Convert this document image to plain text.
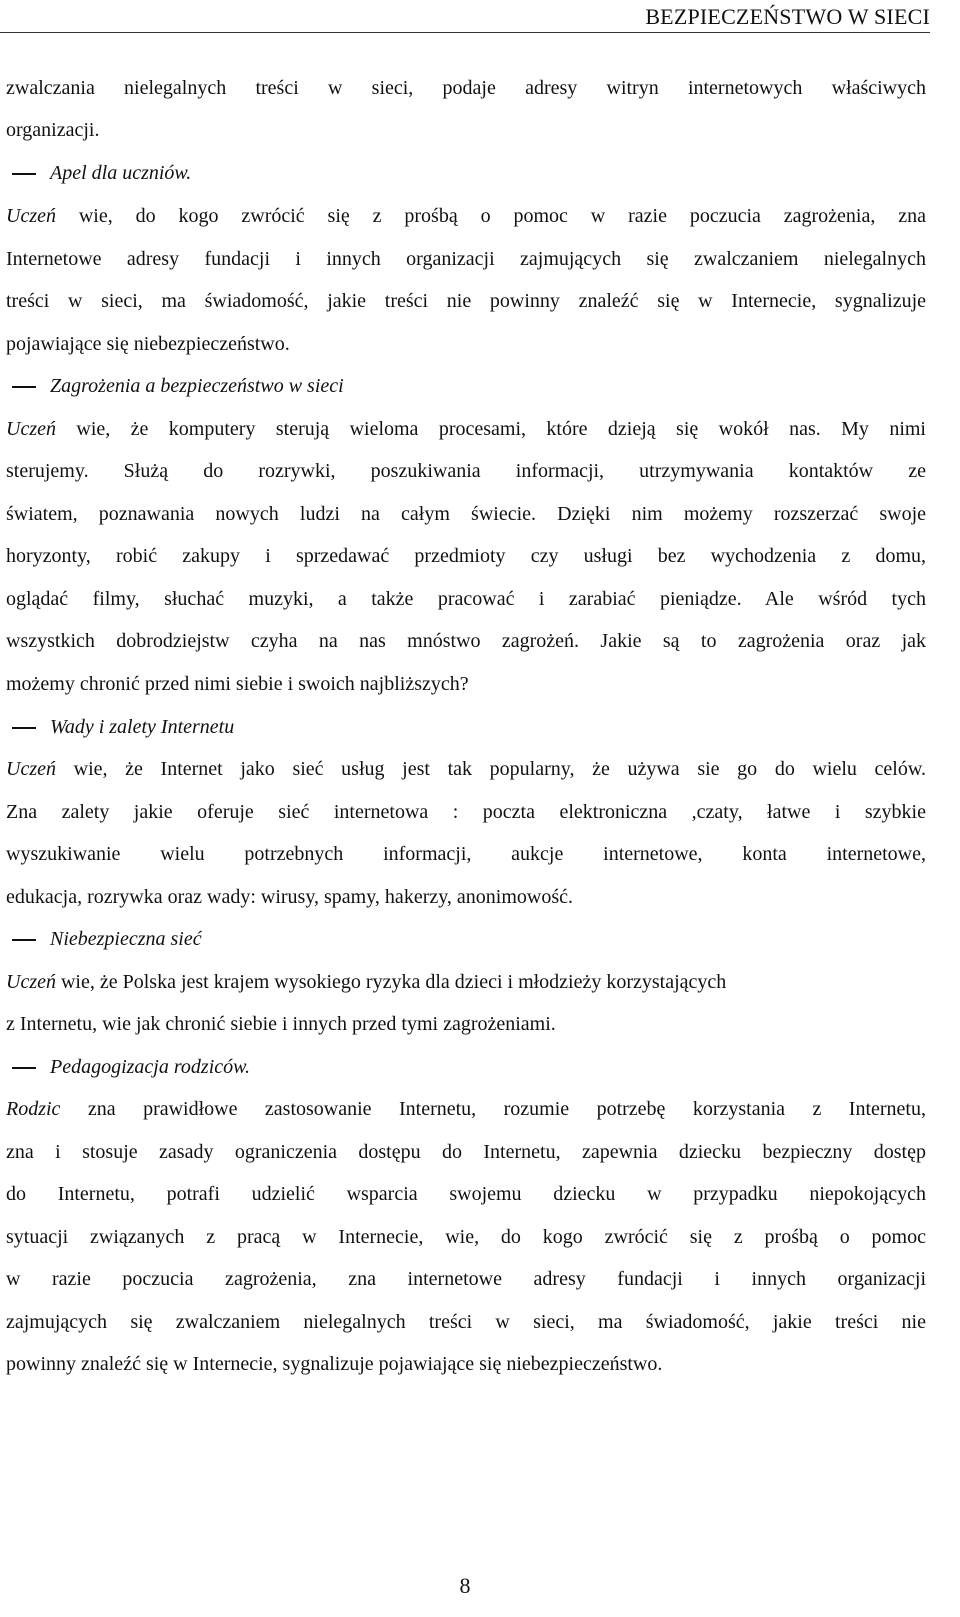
BEZPIECZEŃSTWO W SIECI
zwalczania nielegalnych treści w sieci, podaje adresy witryn internetowych właściwych
organizacji.
Apel dla uczniów.
Uczeń wie, do kogo zwrócić się z prośbą o pomoc w razie poczucia zagrożenia, zna
Internetowe adresy fundacji i innych organizacji zajmujących się zwalczaniem nielegalnych
treści w sieci, ma świadomość, jakie treści nie powinny znaleźć się w Internecie, sygnalizuje
pojawiające się niebezpieczeństwo.
Zagrożenia a bezpieczeństwo w sieci
Uczeń wie, że komputery sterują wieloma procesami, które dzieją się wokół nas. My nimi
sterujemy. Służą do rozrywki, poszukiwania informacji, utrzymywania kontaktów ze
światem, poznawania nowych ludzi na całym świecie. Dzięki nim możemy rozszerzać swoje
horyzonty, robić zakupy i sprzedawać przedmioty czy usługi bez wychodzenia z domu,
oglądać filmy, słuchać muzyki, a także pracować i zarabiać pieniądze. Ale wśród tych
wszystkich dobrodziejstw czyha na nas mnóstwo zagrożeń. Jakie są to zagrożenia oraz jak
możemy chronić przed nimi siebie i swoich najbliższych?
Wady i zalety Internetu
Uczeń wie, że Internet jako sieć usług jest tak popularny, że używa sie go do wielu celów.
Zna zalety jakie oferuje sieć internetowa : poczta elektroniczna ,czaty, łatwe i szybkie
wyszukiwanie wielu potrzebnych informacji, aukcje internetowe, konta internetowe,
edukacja, rozrywka oraz wady: wirusy, spamy, hakerzy, anonimowość.
Niebezpieczna sieć
Uczeń wie, że Polska jest krajem wysokiego ryzyka dla dzieci i młodzieży korzystających
z Internetu, wie jak chronić siebie i innych przed tymi zagrożeniami.
Pedagogizacja rodziców.
Rodzic zna prawidłowe zastosowanie Internetu, rozumie potrzebę korzystania z Internetu,
zna i stosuje zasady ograniczenia dostępu do Internetu, zapewnia dziecku bezpieczny dostęp
do Internetu, potrafi udzielić wsparcia swojemu dziecku w przypadku niepokojących
sytuacji związanych z pracą w Internecie, wie, do kogo zwrócić się z prośbą o pomoc
w razie poczucia zagrożenia, zna internetowe adresy fundacji i innych organizacji
zajmujących się zwalczaniem nielegalnych treści w sieci, ma świadomość, jakie treści nie
powinny znaleźć się w Internecie, sygnalizuje pojawiające się niebezpieczeństwo.
8
